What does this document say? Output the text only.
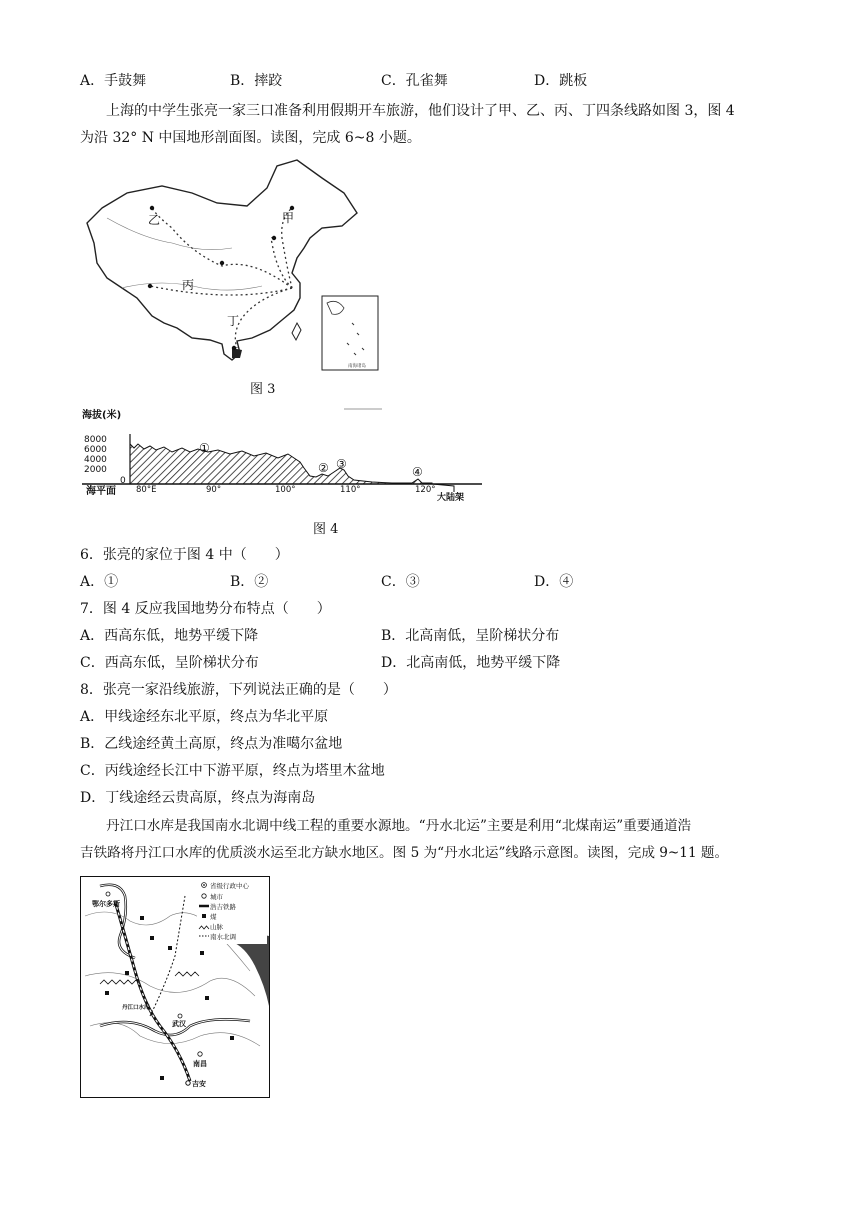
A．手鼓舞	B．摔跤	C．孔雀舞	D．跳板
上海的中学生张亮一家三口准备利用假期开车旅游，他们设计了甲、乙、丙、丁四条线路如图 3，图 4
为沿 32° N 中国地形剖面图。读图，完成 6~8 小题。
甲
乙
丙
丁
南海诸岛
图 3
海拔(米)
8000
6000
4000
2000
0
①
② ③
④
海平面 80°E	90°	100°	110°	120°
大陆架
图 4
6．张亮的家位于图 4 中（　　）
A．①	B．②	C．③	D．④
7．图 4 反应我国地势分布特点（　　）
A．西高东低，地势平缓下降	B．北高南低，呈阶梯状分布
C．西高东低，呈阶梯状分布	D．北高南低，地势平缓下降
8．张亮一家沿线旅游，下列说法正确的是（　　）
A．甲线途经东北平原，终点为华北平原
B．乙线途经黄土高原，终点为准噶尔盆地
C．丙线途经长江中下游平原，终点为塔里木盆地
D．丁线途经云贵高原，终点为海南岛
丹江口水库是我国南水北调中线工程的重要水源地。“丹水北运”主要是利用“北煤南运”重要通道浩
吉铁路将丹江口水库的优质淡水运至北方缺水地区。图 5 为“丹水北运”线路示意图。读图，完成 9~11 题。
鄂尔多斯
丹江口水库
武汉
南昌
吉安
省级行政中心
城市
浩吉铁路
煤
山脉
南水北调
